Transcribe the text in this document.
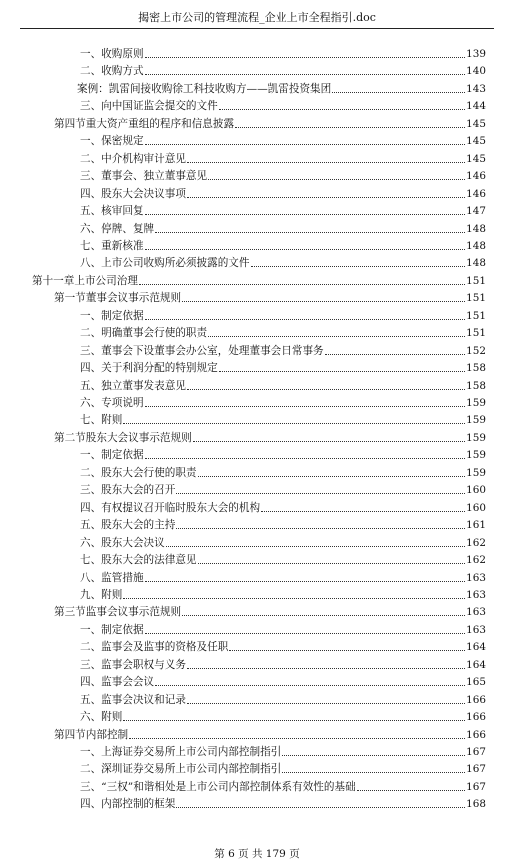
揭密上市公司的管理流程_企业上市全程指引.doc
一、收购原则	139
二、收购方式	140
案例：凯雷间接收购徐工科技收购方——凯雷投资集团	143
三、向中国证监会提交的文件	144
第四节重大资产重组的程序和信息披露	145
一、保密规定	145
二、中介机构审计意见	145
三、董事会、独立董事意见	146
四、股东大会决议事项	146
五、核审回复	147
六、停牌、复牌	148
七、重新核准	148
八、上市公司收购所必须披露的文件	148
第十一章上市公司治理	151
第一节董事会议事示范规则	151
一、制定依据	151
二、明确董事会行使的职责	151
三、董事会下设董事会办公室，处理董事会日常事务	152
四、关于利润分配的特别规定	158
五、独立董事发表意见	158
六、专项说明	159
七、附则	159
第二节股东大会议事示范规则	159
一、制定依据	159
二、股东大会行使的职责	159
三、股东大会的召开	160
四、有权提议召开临时股东大会的机构	160
五、股东大会的主持	161
六、股东大会决议	162
七、股东大会的法律意见	162
八、监管措施	163
九、附则	163
第三节监事会议事示范规则	163
一、制定依据	163
二、监事会及监事的资格及任职	164
三、监事会职权与义务	164
四、监事会会议	165
五、监事会决议和记录	166
六、附则	166
第四节内部控制	166
一、上海证券交易所上市公司内部控制指引	167
二、深圳证券交易所上市公司内部控制指引	167
三、“三权”和谐相处是上市公司内部控制体系有效性的基础	167
四、内部控制的框架	168
第 6 页 共 179 页
